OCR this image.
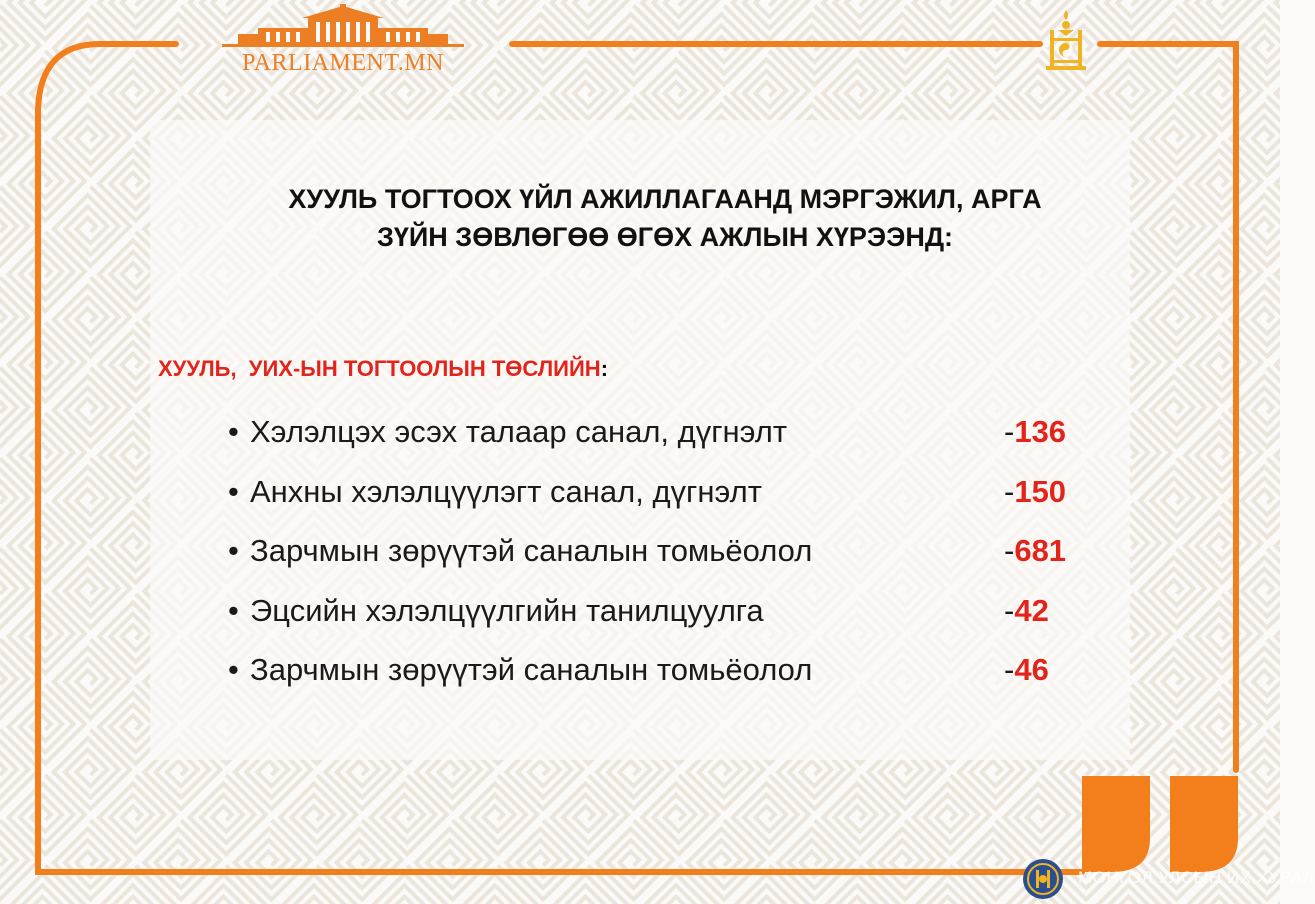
PARLIAMENT.MN
ХУУЛЬ ТОГТООХ ҮЙЛ АЖИЛЛАГААНД МЭРГЭЖИЛ, АРГА
ЗҮЙН ЗӨВЛӨГӨӨ ӨГӨХ АЖЛЫН ХҮРЭЭНД:
ХУУЛЬ,  УИХ-ЫН ТОГТООЛЫН ТӨСЛИЙН:
• Хэлэлцэх эсэх талаар санал, дүгнэлт	-136
• Анхны хэлэлцүүлэгт санал, дүгнэлт	-150
• Зарчмын зөрүүтэй саналын томьёолол	-681
• Эцсийн хэлэлцүүлгийн танилцуулга	-42
• Зарчмын зөрүүтэй саналын томьёолол	-46
МОНГОЛ УЛСЫН ИХ ХУРАЛ
